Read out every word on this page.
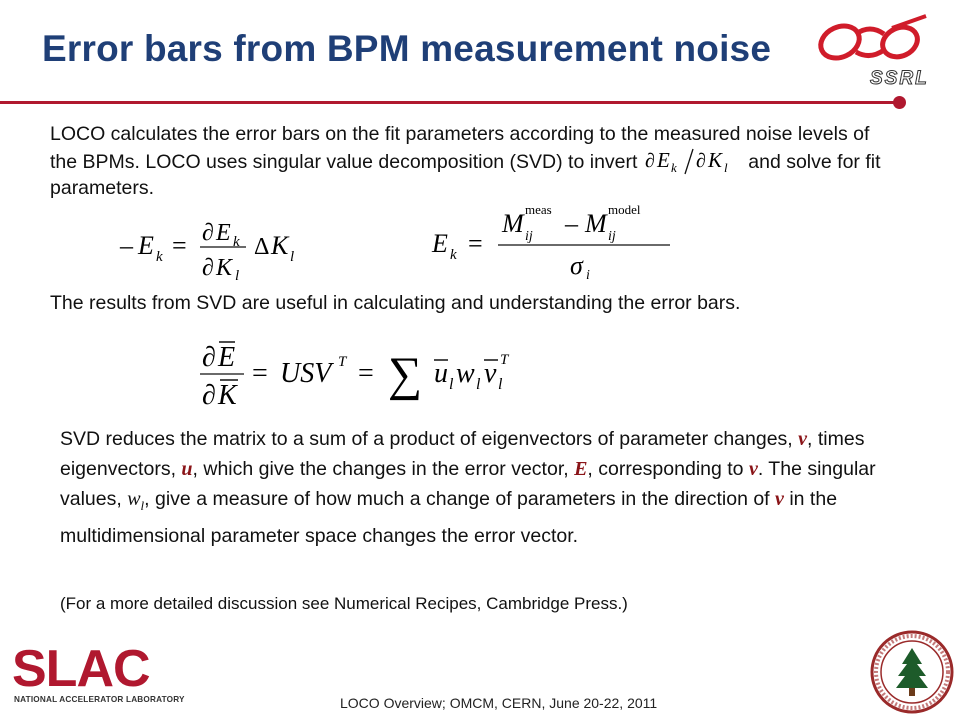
Error bars from BPM measurement noise
SSRL

LOCO calculates the error bars on the fit parameters according to the measured noise levels of the BPMs. LOCO uses singular value decomposition (SVD) to invert ∂ E k ∂ K l and solve for fit parameters.

– E k = ∂ E k
∂ K l
Δ K l	E k =
M meas
ij – M model
ij
σ i

The results from SVD are useful in calculating and understanding the error bars.

∂ E
∂ K
= USV T = ∑ u l w l v l
T

SVD reduces the matrix to a sum of a product of eigenvectors of parameter changes, v, times eigenvectors, u, which give the changes in the error vector, E, corresponding to v. The singular values, $w_l$, give a measure of how much a change of parameters in the direction of v in the multidimensional parameter space changes the error vector.

(For a more detailed discussion see Numerical Recipes, Cambridge Press.)

SLAC
NATIONAL ACCELERATOR LABORATORY	LOCO Overview; OMCM, CERN, June 20-22, 2011
